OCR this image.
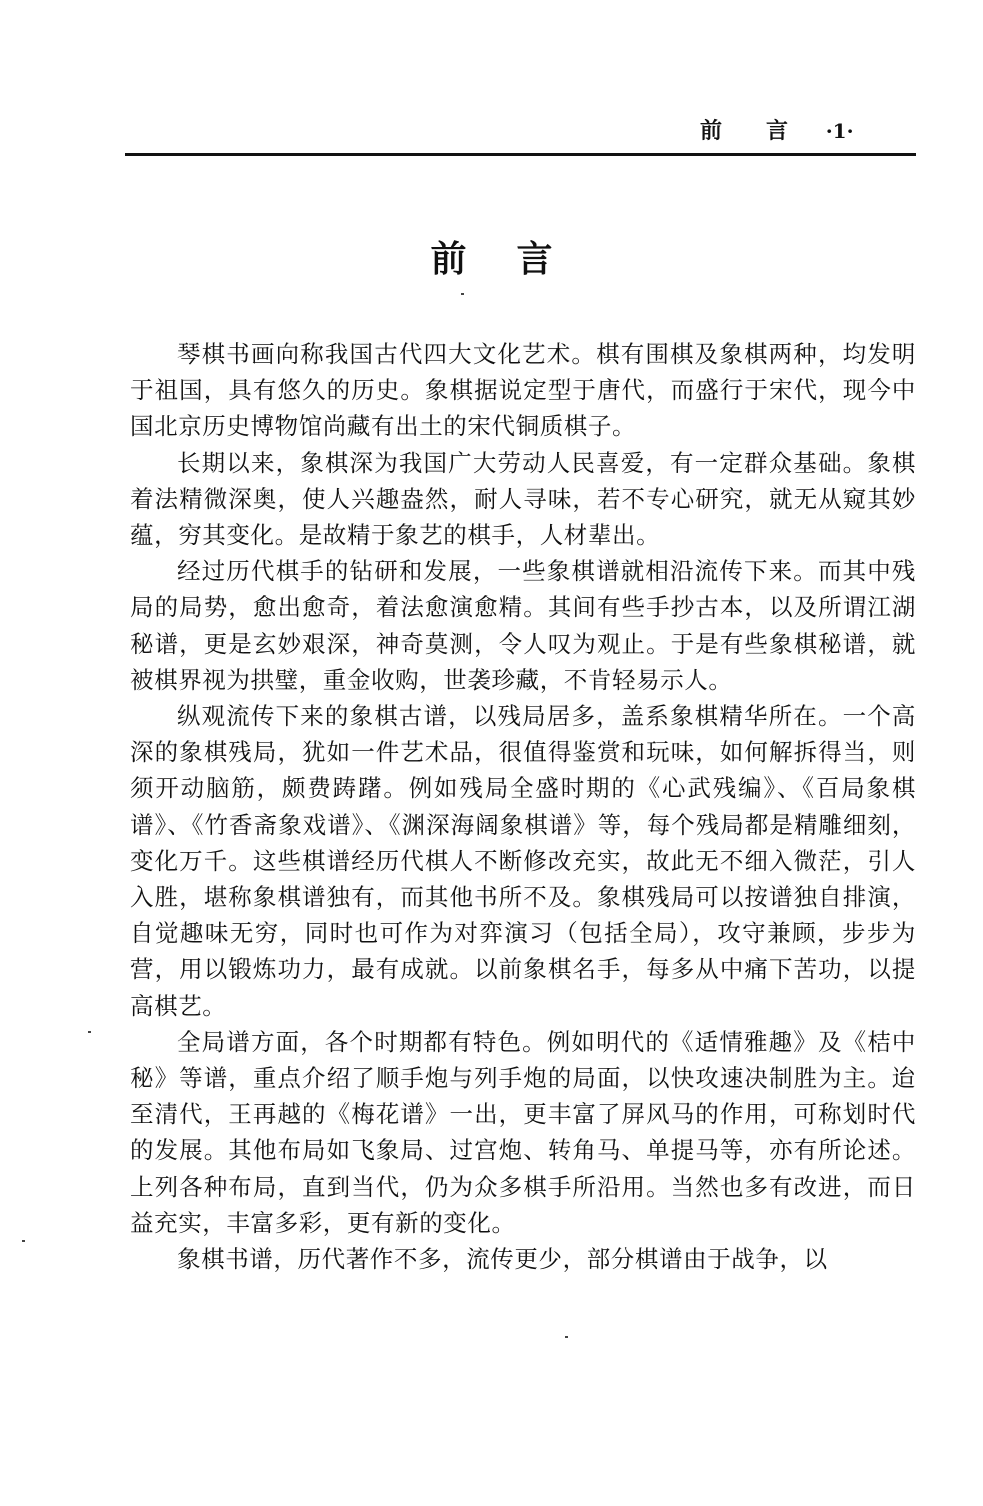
前言 ·1·
前言

琴棋书画向称我国古代四大文化艺术。棋有围棋及象棋两种，均发明于祖国，具有悠久的历史。象棋据说定型于唐代，而盛行于宋代，现今中国北京历史博物馆尚藏有出土的宋代铜质棋子。

长期以来，象棋深为我国广大劳动人民喜爱，有一定群众基础。象棋着法精微深奥，使人兴趣盎然，耐人寻味，若不专心研究，就无从窥其妙蕴，穷其变化。是故精于象艺的棋手，人材辈出。

经过历代棋手的钻研和发展，一些象棋谱就相沿流传下来。而其中残局的局势，愈出愈奇，着法愈演愈精。其间有些手抄古本，以及所谓江湖秘谱，更是玄妙艰深，神奇莫测，令人叹为观止。于是有些象棋秘谱，就被棋界视为拱璧，重金收购，世袭珍藏，不肯轻易示人。

纵观流传下来的象棋古谱，以残局居多，盖系象棋精华所在。一个高深的象棋残局，犹如一件艺术品，很值得鉴赏和玩味，如何解拆得当，则须开动脑筋，颇费踌躇。例如残局全盛时期的《心武残编》、《百局象棋谱》、《竹香斋象戏谱》、《渊深海阔象棋谱》等，每个残局都是精雕细刻，变化万千。这些棋谱经历代棋人不断修改充实，故此无不细入微茫，引人入胜，堪称象棋谱独有，而其他书所不及。象棋残局可以按谱独自排演，自觉趣味无穷，同时也可作为对弈演习（包括全局），攻守兼顾，步步为营，用以锻炼功力，最有成就。以前象棋名手，每多从中痛下苦功，以提高棋艺。

全局谱方面，各个时期都有特色。例如明代的《适情雅趣》及《桔中秘》等谱，重点介绍了顺手炮与列手炮的局面，以快攻速决制胜为主。迨至清代，王再越的《梅花谱》一出，更丰富了屏风马的作用，可称划时代的发展。其他布局如飞象局、过宫炮、转角马、单提马等，亦有所论述。上列各种布局，直到当代，仍为众多棋手所沿用。当然也多有改进，而日益充实，丰富多彩，更有新的变化。

象棋书谱，历代著作不多，流传更少，部分棋谱由于战争，以
